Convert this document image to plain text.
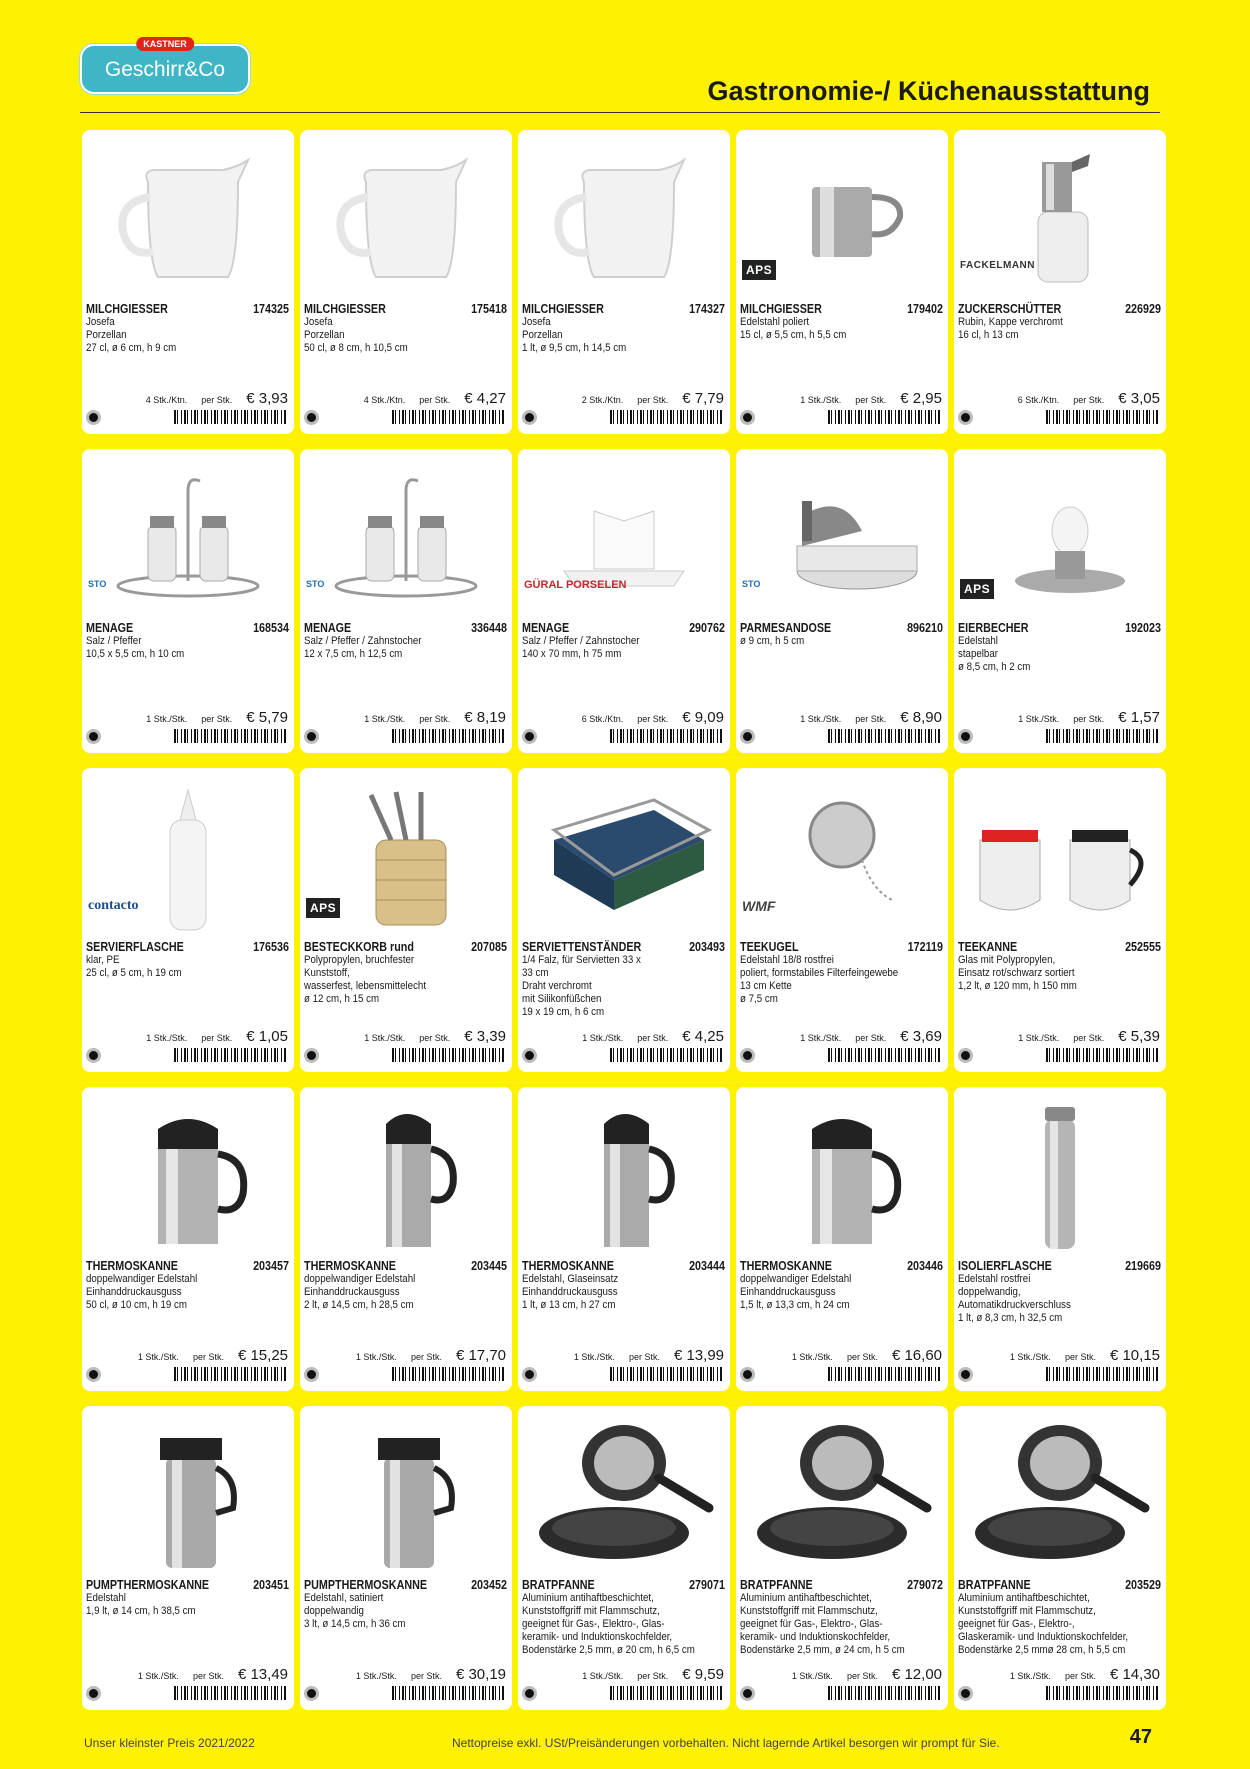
KASTNER
Geschirr&Co
Gastronomie-/ Küchenausstattung
MILCHGIESSER	174325
Josefa
Porzellan
27 cl, ø 6 cm, h 9 cm
4 Stk./Ktn. per Stk. € 3,93
MILCHGIESSER	175418
Josefa
Porzellan
50 cl, ø 8 cm, h 10,5 cm
4 Stk./Ktn. per Stk. € 4,27
MILCHGIESSER	174327
Josefa
Porzellan
1 lt, ø 9,5 cm, h 14,5 cm
2 Stk./Ktn. per Stk. € 7,79
APS
MILCHGIESSER	179402
Edelstahl poliert
15 cl, ø 5,5 cm, h 5,5 cm
1 Stk./Stk. per Stk. € 2,95
FACKELMANN
ZUCKERSCHÜTTER	226929
Rubin, Kappe verchromt
16 cl, h 13 cm
6 Stk./Ktn. per Stk. € 3,05
STO
MENAGE	168534
Salz / Pfeffer
10,5 x 5,5 cm, h 10 cm
1 Stk./Stk. per Stk. € 5,79
STO
MENAGE	336448
Salz / Pfeffer / Zahnstocher
12 x 7,5 cm, h 12,5 cm
1 Stk./Stk. per Stk. € 8,19
GÜRAL PORSELEN
MENAGE	290762
Salz / Pfeffer / Zahnstocher
140 x 70 mm, h 75 mm
6 Stk./Ktn. per Stk. € 9,09
STO
PARMESANDOSE	896210
ø 9 cm, h 5 cm
1 Stk./Stk. per Stk. € 8,90
APS
EIERBECHER	192023
Edelstahl
stapelbar
ø 8,5 cm, h 2 cm
1 Stk./Stk. per Stk. € 1,57
contacto
SERVIERFLASCHE	176536
klar, PE
25 cl, ø 5 cm, h 19 cm
1 Stk./Stk. per Stk. € 1,05
APS
BESTECKKORB rund	207085
Polypropylen, bruchfester
Kunststoff,
wasserfest, lebensmittelecht
ø 12 cm, h 15 cm
1 Stk./Stk. per Stk. € 3,39
SERVIETTENSTÄNDER	203493
1/4 Falz, für Servietten 33 x
33 cm
Draht verchromt
mit Silikonfüßchen
19 x 19 cm, h 6 cm
1 Stk./Stk. per Stk. € 4,25
WMF
TEEKUGEL	172119
Edelstahl 18/8 rostfrei
poliert, formstabiles Filterfeingewebe
13 cm Kette
ø 7,5 cm
1 Stk./Stk. per Stk. € 3,69
TEEKANNE	252555
Glas mit Polypropylen,
Einsatz rot/schwarz sortiert
1,2 lt, ø 120 mm, h 150 mm
1 Stk./Stk. per Stk. € 5,39
THERMOSKANNE	203457
doppelwandiger Edelstahl
Einhanddruckausguss
50 cl, ø 10 cm, h 19 cm
1 Stk./Stk. per Stk. € 15,25
THERMOSKANNE	203445
doppelwandiger Edelstahl
Einhanddruckausguss
2 lt, ø 14,5 cm, h 28,5 cm
1 Stk./Stk. per Stk. € 17,70
THERMOSKANNE	203444
Edelstahl, Glaseinsatz
Einhanddruckausguss
1 lt, ø 13 cm, h 27 cm
1 Stk./Stk. per Stk. € 13,99
THERMOSKANNE	203446
doppelwandiger Edelstahl
Einhanddruckausguss
1,5 lt, ø 13,3 cm, h 24 cm
1 Stk./Stk. per Stk. € 16,60
ISOLIERFLASCHE	219669
Edelstahl rostfrei
doppelwandig,
Automatikdruckverschluss
1 lt, ø 8,3 cm, h 32,5 cm
1 Stk./Stk. per Stk. € 10,15
PUMPTHERMOSKANNE	203451
Edelstahl
1,9 lt, ø 14 cm, h 38,5 cm
1 Stk./Stk. per Stk. € 13,49
PUMPTHERMOSKANNE	203452
Edelstahl, satiniert
doppelwandig
3 lt, ø 14,5 cm, h 36 cm
1 Stk./Stk. per Stk. € 30,19
BRATPFANNE	279071
Aluminium antihaftbeschichtet,
Kunststoffgriff mit Flammschutz,
geeignet für Gas-, Elektro-, Glas-
keramik- und Induktionskochfelder,
Bodenstärke 2,5 mm, ø 20 cm, h 6,5 cm
1 Stk./Stk. per Stk. € 9,59
BRATPFANNE	279072
Aluminium antihaftbeschichtet,
Kunststoffgriff mit Flammschutz,
geeignet für Gas-, Elektro-, Glas-
keramik- und Induktionskochfelder,
Bodenstärke 2,5 mm, ø 24 cm, h 5 cm
1 Stk./Stk. per Stk. € 12,00
BRATPFANNE	203529
Aluminium antihaftbeschichtet,
Kunststoffgriff mit Flammschutz,
geeignet für Gas-, Elektro-,
Glaskeramik- und Induktionskochfelder,
Bodenstärke 2,5 mmø 28 cm, h 5,5 cm
1 Stk./Stk. per Stk. € 14,30
Unser kleinster Preis 2021/2022	Nettopreise exkl. USt/Preisänderungen vorbehalten. Nicht lagernde Artikel besorgen wir prompt für Sie.	47
